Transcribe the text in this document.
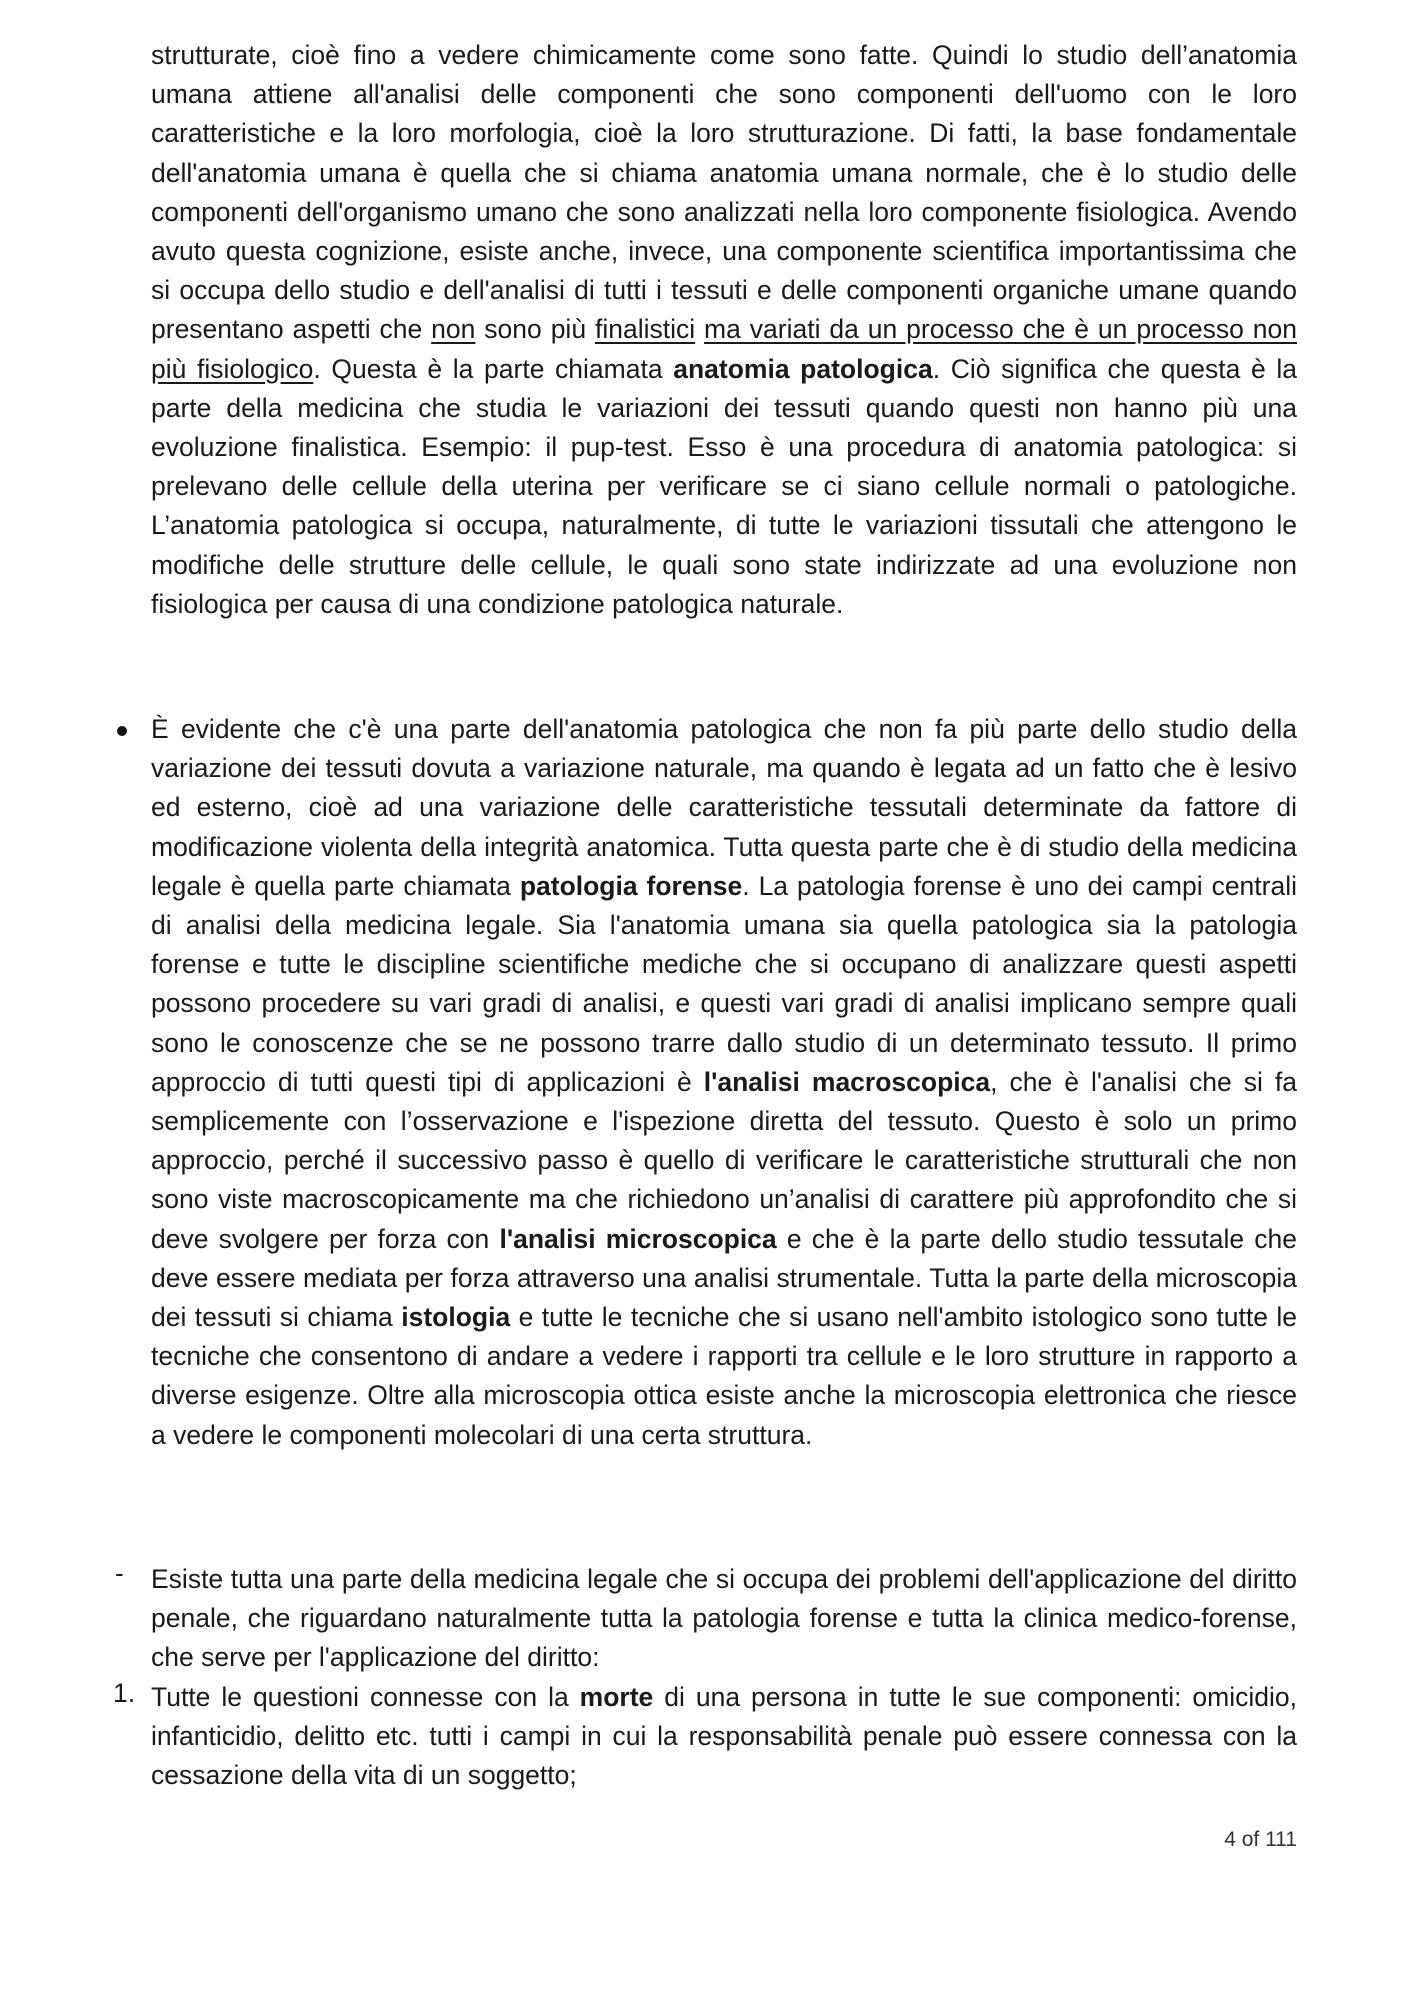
strutturate, cioè fino a vedere chimicamente come sono fatte. Quindi lo studio dell’anatomia umana attiene all'analisi delle componenti che sono componenti dell'uomo con le loro caratteristiche e la loro morfologia, cioè la loro strutturazione. Di fatti, la base fondamentale dell'anatomia umana è quella che si chiama anatomia umana normale, che è lo studio delle componenti dell'organismo umano che sono analizzati nella loro componente fisiologica. Avendo avuto questa cognizione, esiste anche, invece, una componente scientifica importantissima che si occupa dello studio e dell'analisi di tutti i tessuti e delle componenti organiche umane quando presentano aspetti che non sono più finalistici ma variati da un processo che è un processo non più fisiologico. Questa è la parte chiamata anatomia patologica. Ciò significa che questa è la parte della medicina che studia le variazioni dei tessuti quando questi non hanno più una evoluzione finalistica. Esempio: il pup-test. Esso è una procedura di anatomia patologica: si prelevano delle cellule della uterina per verificare se ci siano cellule normali o patologiche. L’anatomia patologica si occupa, naturalmente, di tutte le variazioni tissutali che attengono le modifiche delle strutture delle cellule, le quali sono state indirizzate ad una evoluzione non fisiologica per causa di una condizione patologica naturale.

È evidente che c'è una parte dell'anatomia patologica che non fa più parte dello studio della variazione dei tessuti dovuta a variazione naturale, ma quando è legata ad un fatto che è lesivo ed esterno, cioè ad una variazione delle caratteristiche tessutali determinate da fattore di modificazione violenta della integrità anatomica. Tutta questa parte che è di studio della medicina legale è quella parte chiamata patologia forense. La patologia forense è uno dei campi centrali di analisi della medicina legale. Sia l'anatomia umana sia quella patologica sia la patologia forense e tutte le discipline scientifiche mediche che si occupano di analizzare questi aspetti possono procedere su vari gradi di analisi, e questi vari gradi di analisi implicano sempre quali sono le conoscenze che se ne possono trarre dallo studio di un determinato tessuto. Il primo approccio di tutti questi tipi di applicazioni è l'analisi macroscopica, che è l'analisi che si fa semplicemente con l’osservazione e l'ispezione diretta del tessuto. Questo è solo un primo approccio, perché il successivo passo è quello di verificare le caratteristiche strutturali che non sono viste macroscopicamente ma che richiedono un’analisi di carattere più approfondito che si deve svolgere per forza con l'analisi microscopica e che è la parte dello studio tessutale che deve essere mediata per forza attraverso una analisi strumentale. Tutta la parte della microscopia dei tessuti si chiama istologia e tutte le tecniche che si usano nell'ambito istologico sono tutte le tecniche che consentono di andare a vedere i rapporti tra cellule e le loro strutture in rapporto a diverse esigenze. Oltre alla microscopia ottica esiste anche la microscopia elettronica che riesce a vedere le componenti molecolari di una certa struttura.

- Esiste tutta una parte della medicina legale che si occupa dei problemi dell'applicazione del diritto penale, che riguardano naturalmente tutta la patologia forense e tutta la clinica medico-forense, che serve per l'applicazione del diritto:

1. Tutte le questioni connesse con la morte di una persona in tutte le sue componenti: omicidio, infanticidio, delitto etc. tutti i campi in cui la responsabilità penale può essere connessa con la cessazione della vita di un soggetto;

4 of 111
